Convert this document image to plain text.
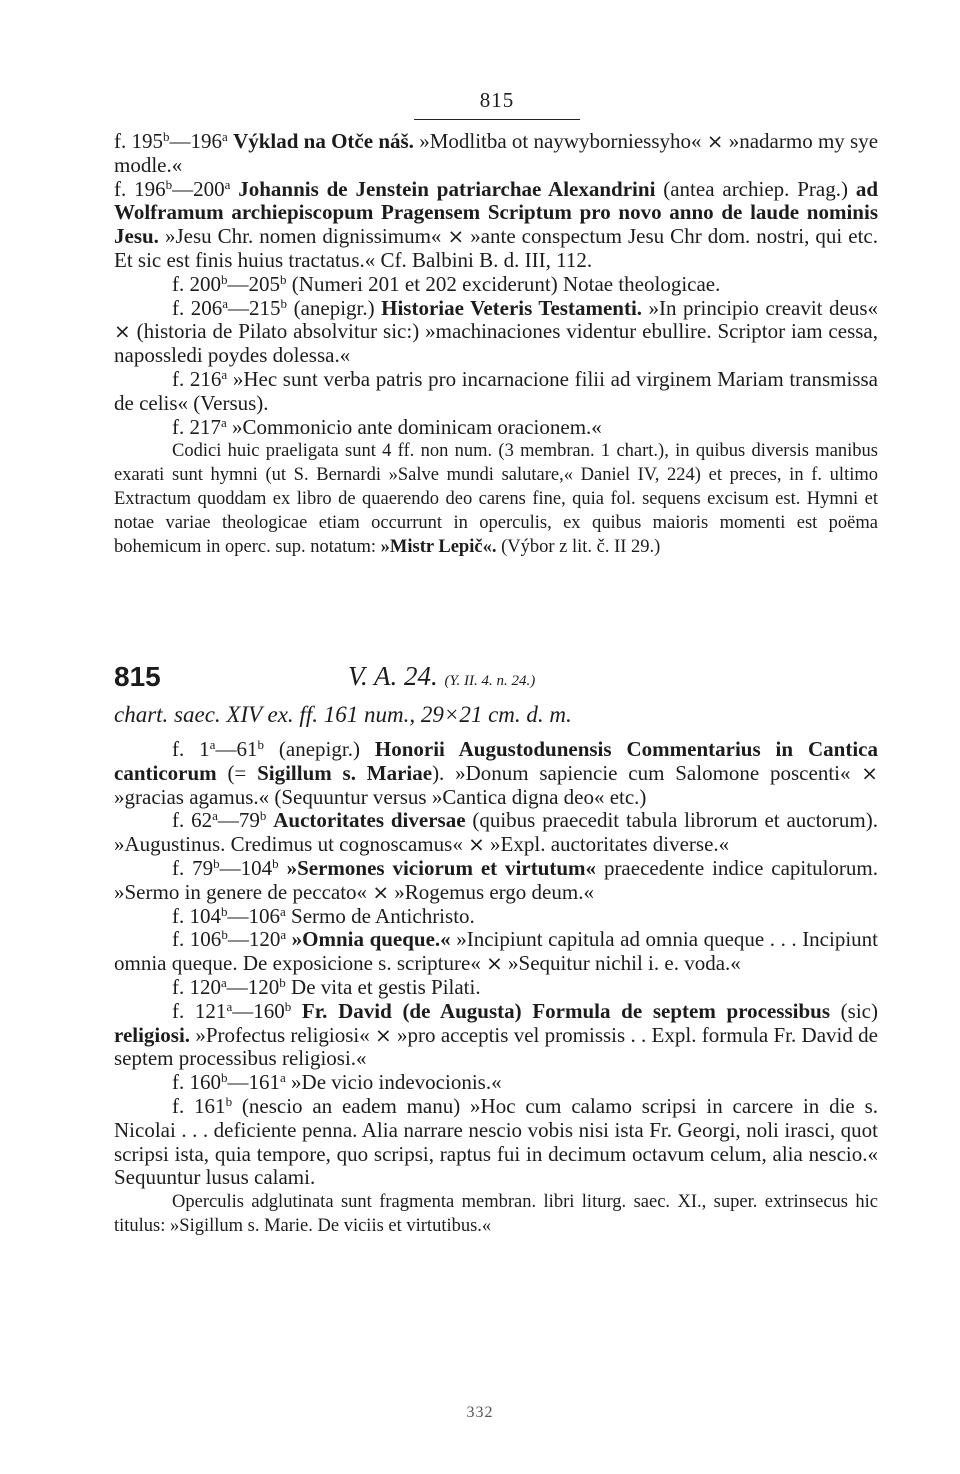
815

f. 195$^b$—196$^a$ Výklad na Otče náš. »Modlitba ot naywyborniessyho« × »nadarmo my sye modle.«

f. 196$^b$—200$^a$ Johannis de Jenstein patriarchae Alexandrini (antea archiep. Prag.) ad Wolframum archiepiscopum Pragensem Scriptum pro novo anno de laude nominis Jesu. »Jesu Chr. nomen dignissimum« × »ante conspectum Jesu Chr dom. nostri, qui etc. Et sic est finis huius tractatus.« Cf. Balbini B. d. III, 112.

f. 200$^b$—205$^b$ (Numeri 201 et 202 exciderunt) Notae theologicae.

f. 206$^a$—215$^b$ (anepigr.) Historiae Veteris Testamenti. »In principio creavit deus« × (historia de Pilato absolvitur sic:) »machinaciones videntur ebullire. Scriptor iam cessa, napossledi poydes dolessa.«

f. 216$^a$ »Hec sunt verba patris pro incarnacione filii ad virginem Mariam transmissa de celis« (Versus).

f. 217$^a$ »Commonicio ante dominicam oracionem.«

Codici huic praeligata sunt 4 ff. non num. (3 membran. 1 chart.), in quibus diversis manibus exarati sunt hymni (ut S. Bernardi »Salve mundi salutare,« Daniel IV, 224) et preces, in f. ultimo Extractum quoddam ex libro de quaerendo deo carens fine, quia fol. sequens excisum est. Hymni et notae variae theologicae etiam occurrunt in operculis, ex quibus maioris momenti est poëma bohemicum in operc. sup. notatum: »Mistr Lepič«. (Výbor z lit. č. II 29.)

815	V. A. 24. (Y. II. 4. n. 24.)
chart. saec. XIV ex. ff. 161 num., 29×21 cm. d. m.

f. 1$^a$—61$^b$ (anepigr.) Honorii Augustodunensis Commentarius in Cantica canticorum (= Sigillum s. Mariae). »Donum sapiencie cum Salomone poscenti« × »gracias agamus.« (Sequuntur versus »Cantica digna deo« etc.)

f. 62$^a$—79$^b$ Auctoritates diversae (quibus praecedit tabula librorum et auctorum). »Augustinus. Credimus ut cognoscamus« × »Expl. auctoritates diverse.«

f. 79$^b$—104$^b$ »Sermones viciorum et virtutum« praecedente indice capitulorum. »Sermo in genere de peccato« × »Rogemus ergo deum.«

f. 104$^b$—106$^a$ Sermo de Antichristo.

f. 106$^b$—120$^a$ »Omnia queque.« »Incipiunt capitula ad omnia queque . . . Incipiunt omnia queque. De exposicione s. scripture« × »Sequitur nichil i. e. voda.«

f. 120$^a$—120$^b$ De vita et gestis Pilati.

f. 121$^a$—160$^b$ Fr. David (de Augusta) Formula de septem processibus (sic) religiosi. »Profectus religiosi« × »pro acceptis vel promissis . . Expl. formula Fr. David de septem processibus religiosi.«

f. 160$^b$—161$^a$ »De vicio indevocionis.«

f. 161$^b$ (nescio an eadem manu) »Hoc cum calamo scripsi in carcere in die s. Nicolai . . . deficiente penna. Alia narrare nescio vobis nisi ista Fr. Georgi, noli irasci, quot scripsi ista, quia tempore, quo scripsi, raptus fui in decimum octavum celum, alia nescio.« Sequuntur lusus calami.

Operculis adglutinata sunt fragmenta membran. libri liturg. saec. XI., super. extrinsecus hic titulus: »Sigillum s. Marie. De viciis et virtutibus.«

332
